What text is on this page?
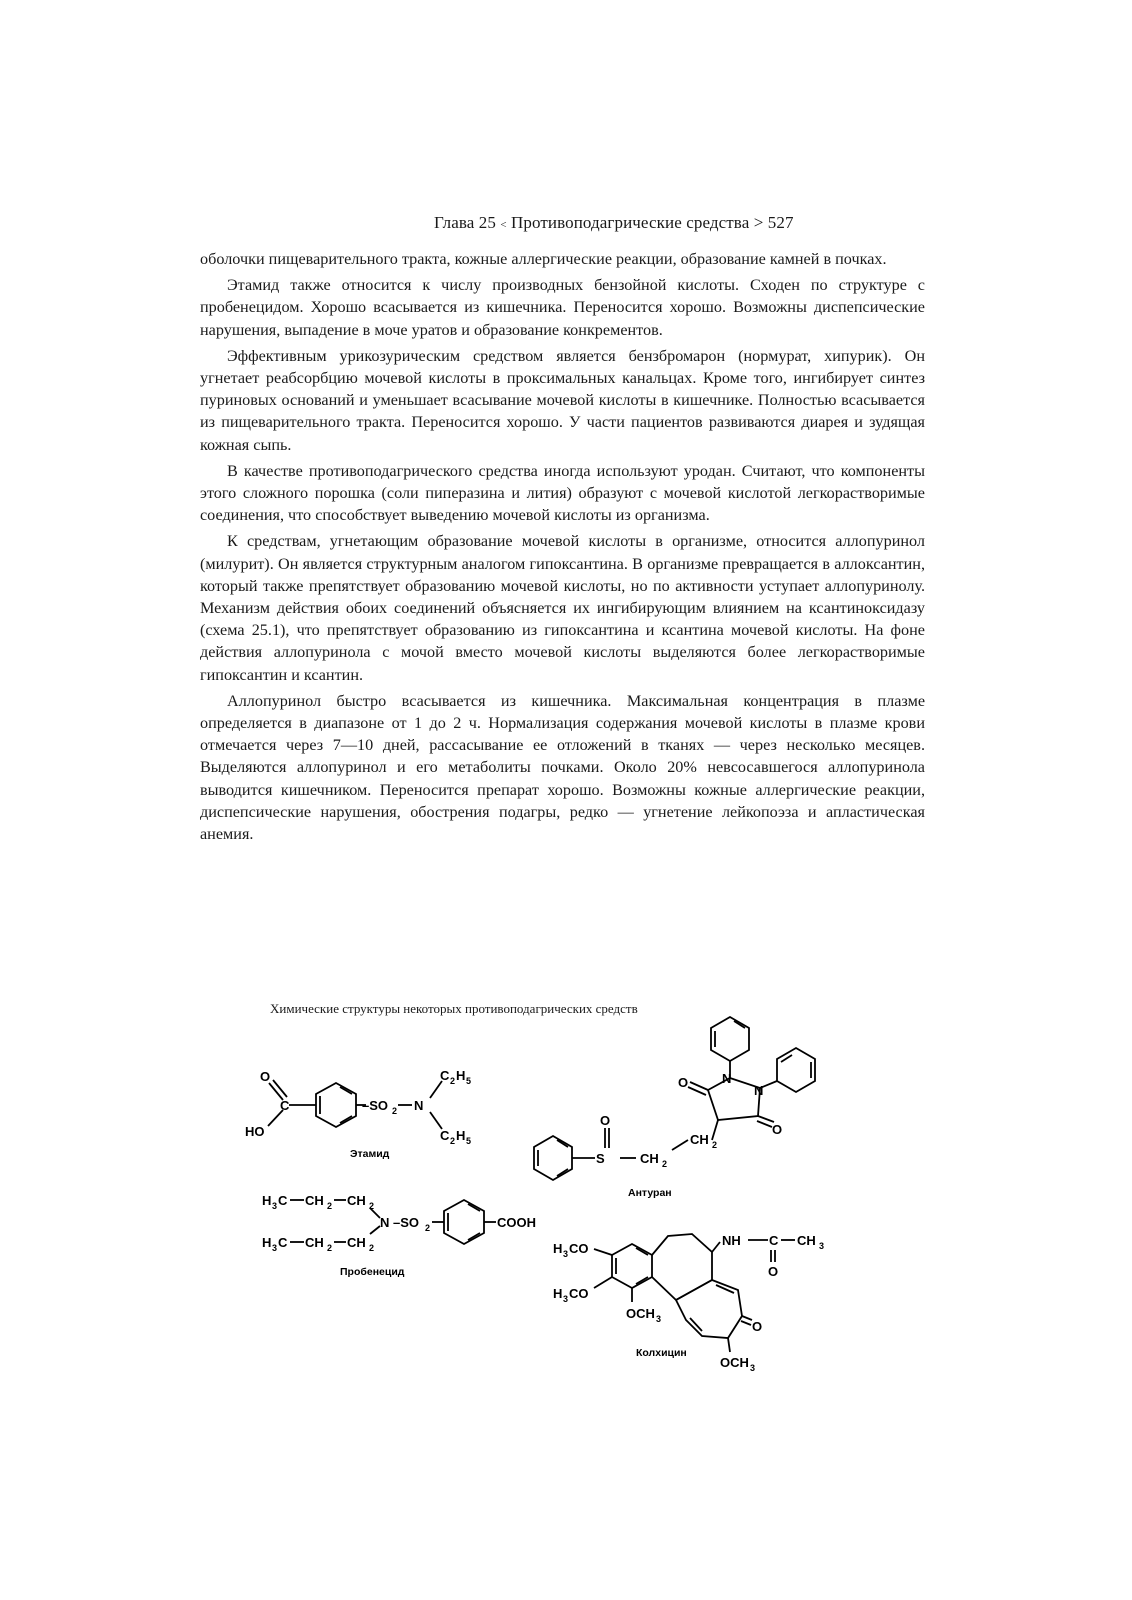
Глава 25 < Противоподагрические средства > 527

оболочки пищеварительного тракта, кожные аллергические реакции, образование камней в почках.

Этамид также относится к числу производных бензойной кислоты. Сходен по структуре с пробенецидом. Хорошо всасывается из кишечника. Переносится хорошо. Возможны диспепсические нарушения, выпадение в моче уратов и образование конкрементов.

Эффективным урикозурическим средством является бензбромарон (нормурат, хипурик). Он угнетает реабсорбцию мочевой кислоты в проксимальных канальцах. Кроме того, ингибирует синтез пуриновых оснований и уменьшает всасывание мочевой кислоты в кишечнике. Полностью всасывается из пищеварительного тракта. Переносится хорошо. У части пациентов развиваются диарея и зудящая кожная сыпь.

В качестве противоподагрического средства иногда используют уродан. Считают, что компоненты этого сложного порошка (соли пиперазина и лития) образуют с мочевой кислотой легкорастворимые соединения, что способствует выведению мочевой кислоты из организма.

К средствам, угнетающим образование мочевой кислоты в организме, относится аллопуринол (милурит). Он является структурным аналогом гипоксантина. В организме превращается в аллоксантин, который также препятствует образованию мочевой кислоты, но по активности уступает аллопуринолу. Механизм действия обоих соединений объясняется их ингибирующим влиянием на ксантиноксидазу (схема 25.1), что препятствует образованию из гипоксантина и ксантина мочевой кислоты. На фоне действия аллопуринола с мочой вместо мочевой кислоты выделяются более легкорастворимые гипоксантин и ксантин.

Аллопуринол быстро всасывается из кишечника. Максимальная концентрация в плазме определяется в диапазоне от 1 до 2 ч. Нормализация содержания мочевой кислоты в плазме крови отмечается через 7—10 дней, рассасывание ее отложений в тканях — через несколько месяцев. Выделяются аллопуринол и его метаболиты почками. Около 20% невсосавшегося аллопуринола выводится кишечником. Переносится препарат хорошо. Возможны кожные аллергические реакции, диспепсические нарушения, обострения подагры, редко — угнетение лейкопоэза и апластическая анемия.

Химические структуры некоторых противоподагрических средств
O
C
HO
–SO 2 N
C 2 H 5
C 2 H 5
Этамид
O
S	CH 2
CH 2
O	N
N
O
Антуран
H 3 C CH 2 CH 2
H 3 C CH 2 CH 2
N –SO 2	COOH
Пробенецид
NH C
O
CH 3
H 3 CO
H 3 CO
OCH 3	O
OCH 3
Колхицин
